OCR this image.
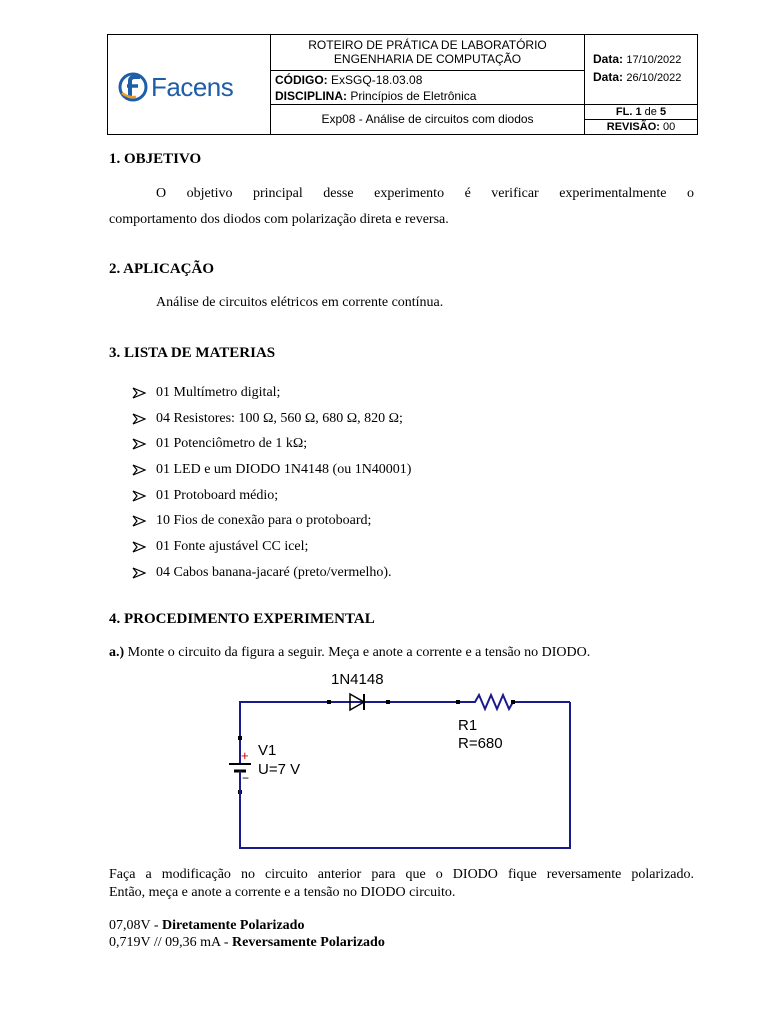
Facens
ROTEIRO DE PRÁTICA DE LABORATÓRIO
ENGENHARIA DE COMPUTAÇÃO
CÓDIGO: ExSGQ-18.03.08
DISCIPLINA: Princípios de Eletrônica
Exp08 - Análise de circuitos com diodos
Data: 17/10/2022
Data: 26/10/2022
FL. 1 de 5
REVISÃO: 00
1. OBJETIVO
O objetivo principal desse experimento é verificar experimentalmente o
comportamento dos diodos com polarização direta e reversa.
2. APLICAÇÃO
Análise de circuitos elétricos em corrente contínua.
3. LISTA DE MATERIAS
01 Multímetro digital;
04 Resistores: 100 Ω, 560 Ω, 680 Ω, 820 Ω;
01 Potenciômetro de 1 kΩ;
01 LED e um DIODO 1N4148 (ou 1N40001)
01 Protoboard médio;
10 Fios de conexão para o protoboard;
01 Fonte ajustável CC icel;
04 Cabos banana-jacaré (preto/vermelho).
4. PROCEDIMENTO EXPERIMENTAL
a.) Monte o circuito da figura a seguir. Meça e anote a corrente e a tensão no DIODO.
+
−
1N4148
R1
R=680
V1
U=7 V
Faça a modificação no circuito anterior para que o DIODO fique reversamente polarizado.
Então, meça e anote a corrente e a tensão no DIODO circuito.
07,08V - Diretamente Polarizado
0,719V // 09,36 mA - Reversamente Polarizado
